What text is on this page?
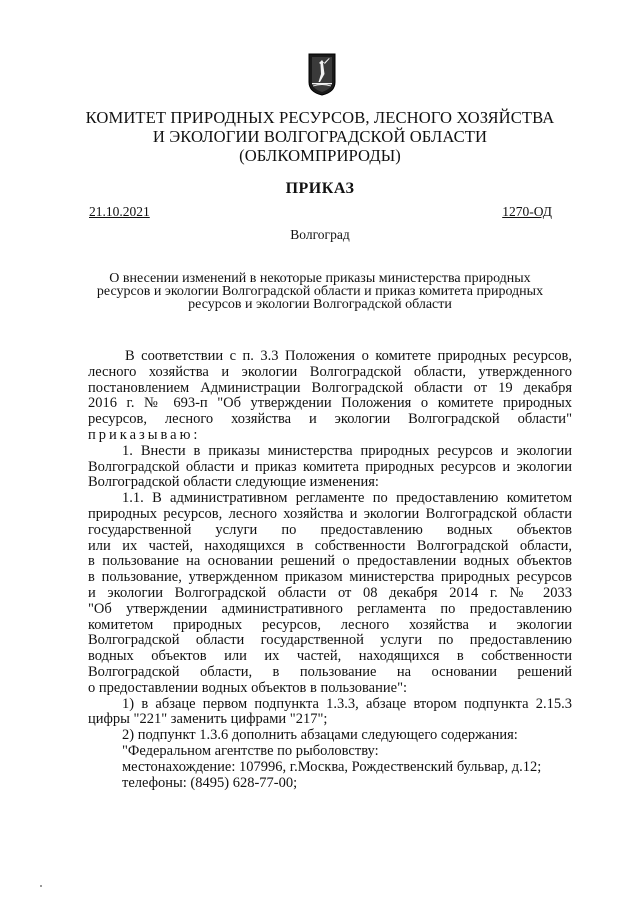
КОМИТЕТ ПРИРОДНЫХ РЕСУРСОВ, ЛЕСНОГО ХОЗЯЙСТВА
И ЭКОЛОГИИ ВОЛГОГРАДСКОЙ ОБЛАСТИ
(ОБЛКОМПРИРОДЫ)
ПРИКАЗ
21.10.2021	1270-ОД
Волгоград
О внесении изменений в некоторые приказы министерства природных
ресурсов и экологии Волгоградской области и приказ комитета природных
ресурсов и экологии Волгоградской области
В соответствии с п. 3.3 Положения о комитете природных ресурсов,
лесного хозяйства и экологии Волгоградской области, утвержденного
постановлением Администрации Волгоградской области от 19 декабря
2016 г. № 693-п "Об утверждении Положения о комитете природных
ресурсов, лесного хозяйства и экологии Волгоградской области"
приказываю:
1. Внести в приказы министерства природных ресурсов и экологии
Волгоградской области и приказ комитета природных ресурсов и экологии
Волгоградской области следующие изменения:
1.1. В административном регламенте по предоставлению комитетом
природных ресурсов, лесного хозяйства и экологии Волгоградской области
государственной услуги по предоставлению водных объектов
или их частей, находящихся в собственности Волгоградской области,
в пользование на основании решений о предоставлении водных объектов
в пользование, утвержденном приказом министерства природных ресурсов
и экологии Волгоградской области от 08 декабря 2014 г. № 2033
"Об утверждении административного регламента по предоставлению
комитетом природных ресурсов, лесного хозяйства и экологии
Волгоградской области государственной услуги по предоставлению
водных объектов или их частей, находящихся в собственности
Волгоградской области, в пользование на основании решений
о предоставлении водных объектов в пользование":
1) в абзаце первом подпункта 1.3.3, абзаце втором подпункта 2.15.3
цифры "221" заменить цифрами "217";
2) подпункт 1.3.6 дополнить абзацами следующего содержания:
"Федеральном агентстве по рыболовству:
местонахождение: 107996, г.Москва, Рождественский бульвар, д.12;
телефоны: (8495) 628-77-00;
